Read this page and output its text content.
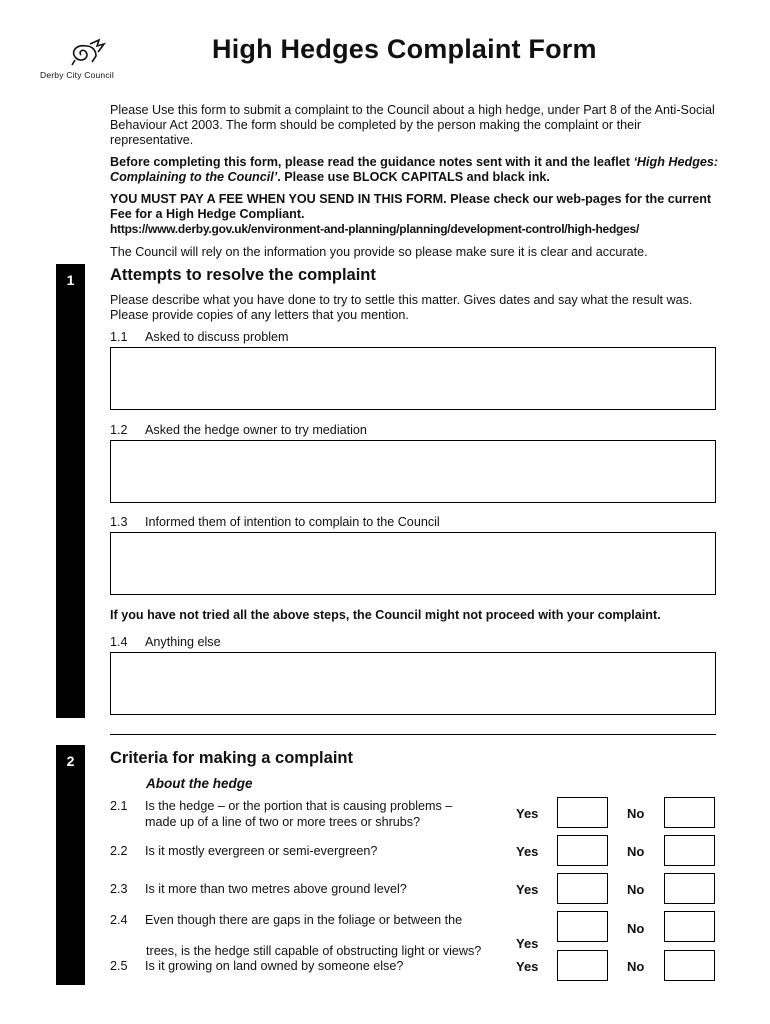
Derby City Council
High Hedges Complaint Form
Please Use this form to submit a complaint to the Council about a high hedge, under Part 8 of the Anti-Social Behaviour Act 2003. The form should be completed by the person making the complaint or their representative.
Before completing this form, please read the guidance notes sent with it and the leaflet ‘High Hedges: Complaining to the Council’. Please use BLOCK CAPITALS and black ink.
YOU MUST PAY A FEE WHEN YOU SEND IN THIS FORM. Please check our web-pages for the current Fee for a High Hedge Compliant.
https://www.derby.gov.uk/environment-and-planning/planning/development-control/high-hedges/
The Council will rely on the information you provide so please make sure it is clear and accurate.
1	Attempts to resolve the complaint
Please describe what you have done to try to settle this matter. Gives dates and say what the result was. Please provide copies of any letters that you mention.
1.1 Asked to discuss problem
1.2 Asked the hedge owner to try mediation
1.3 Informed them of intention to complain to the Council
If you have not tried all the above steps, the Council might not proceed with your complaint.
1.4 Anything else
2	Criteria for making a complaint
About the hedge
2.1 Is the hedge – or the portion that is causing problems –
made up of a line of two or more trees or shrubs?
Yes	No
2.2 Is it mostly evergreen or semi-evergreen?	Yes	No
2.3 Is it more than two metres above ground level?	Yes	No
2.4 Even though there are gaps in the foliage or between the
trees, is the hedge still capable of obstructing light or views?	Yes
No
2.5 Is it growing on land owned by someone else?	Yes	No
